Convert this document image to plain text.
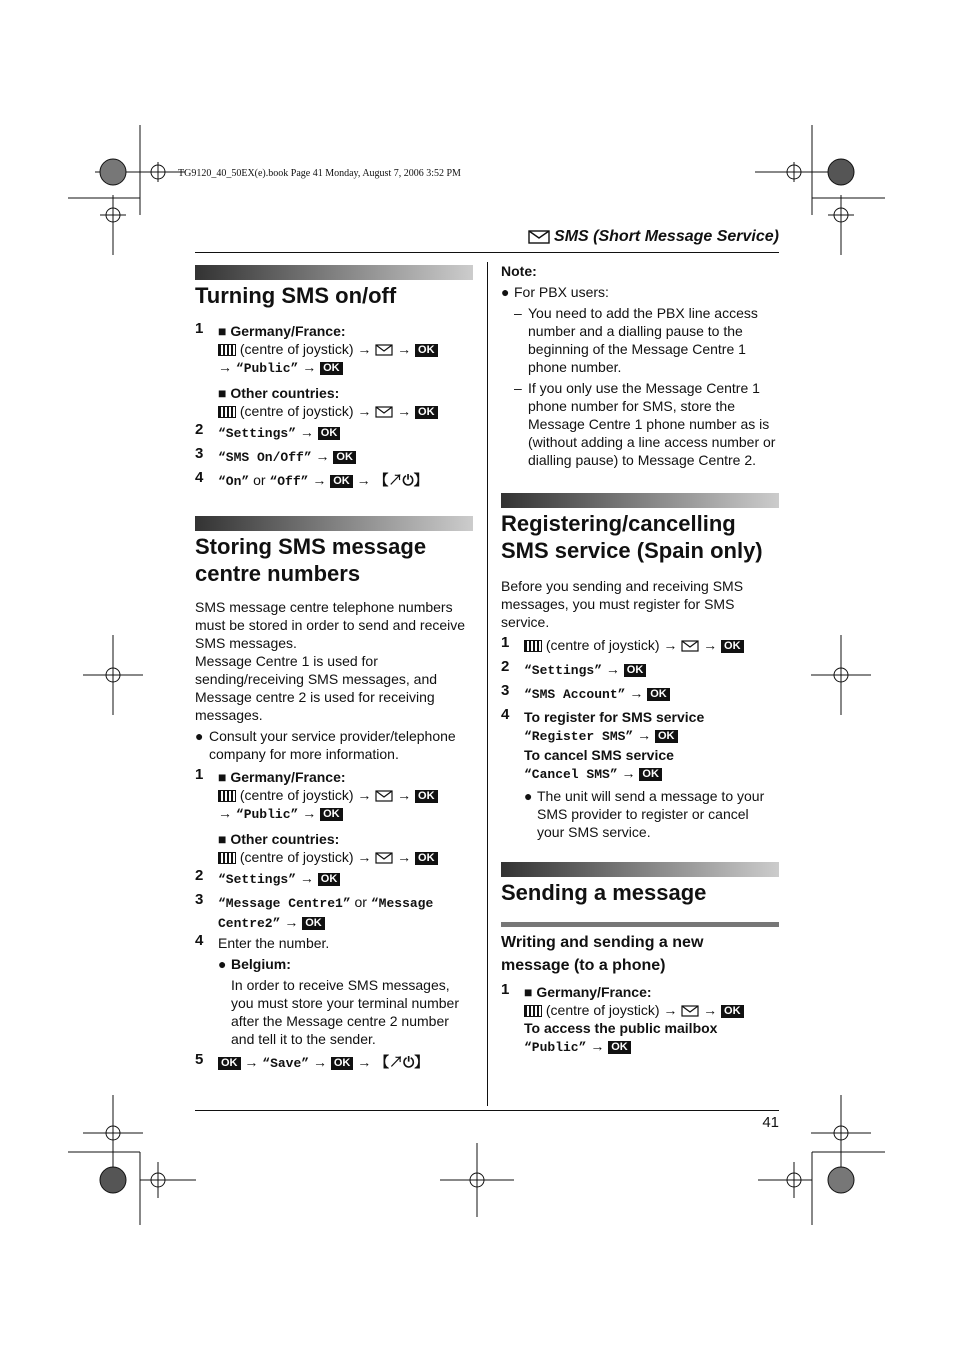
TG9120_40_50EX(e).book Page 41 Monday, August 7, 2006 3:52 PM
SMS (Short Message Service)
41
Turning SMS on/off
1 ■ Germany/France:
(centre of joystick) → → OK
→ “Public” → OK
■ Other countries:
(centre of joystick) → → OK
2 “Settings” → OK
3 “SMS On/Off” → OK
4 “On” or “Off” → OK → 【↗⏻】
Storing SMS message
centre numbers
SMS message centre telephone numbers
must be stored in order to send and receive
SMS messages.
Message Centre 1 is used for
sending/receiving SMS messages, and
Message centre 2 is used for receiving
messages.
● Consult your service provider/telephone
company for more information.
1 ■ Germany/France:
(centre of joystick) → → OK
→ “Public” → OK
■ Other countries:
(centre of joystick) → → OK
2 “Settings” → OK
3 “Message Centre1” or “Message
Centre2” → OK
4 Enter the number.
● Belgium:
In order to receive SMS messages,
you must store your terminal number
after the Message centre 2 number
and tell it to the sender.
5 OK → “Save” → OK → 【↗⏻】
Note:
● For PBX users:
– You need to add the PBX line access
number and a dialling pause to the
beginning of the Message Centre 1
phone number.
– If you only use the Message Centre 1
phone number for SMS, store the
Message Centre 1 phone number as is
(without adding a line access number or
dialling pause) to Message Centre 2.
Registering/cancelling
SMS service (Spain only)
Before you sending and receiving SMS
messages, you must register for SMS
service.
1	(centre of joystick) → → OK
2 “Settings” → OK
3 “SMS Account” → OK
4 To register for SMS service
“Register SMS” → OK
To cancel SMS service
“Cancel SMS” → OK
● The unit will send a message to your
SMS provider to register or cancel
your SMS service.
Sending a message
Writing and sending a new
message (to a phone)
1 ■ Germany/France:
(centre of joystick) → → OK
To access the public mailbox
“Public” → OK
